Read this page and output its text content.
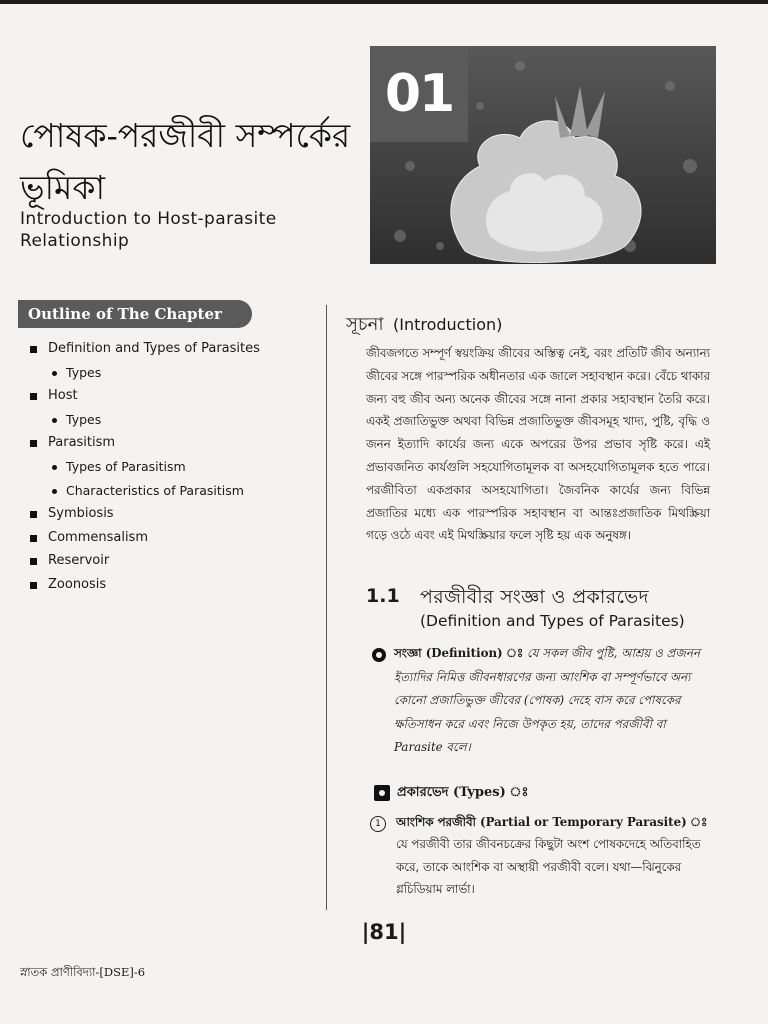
পোষক-পরজীবী সম্পর্কের ভূমিকা
Introduction to Host-parasite Relationship
01
Outline of The Chapter
Definition and Types of Parasites
Types
Host
Types
Parasitism
Types of Parasitism
Characteristics of Parasitism
Symbiosis
Commensalism
Reservoir
Zoonosis
সূচনা (Introduction)
জীবজগতে সম্পূর্ণ স্বয়ংক্রিয় জীবের অস্তিত্ব নেই, বরং প্রতিটি জীব অন্যান্য জীবের সঙ্গে পারস্পরিক অধীনতার এক জালে সহাবস্থান করে। বেঁচে থাকার জন্য বহু জীব অন্য অনেক জীবের সঙ্গে নানা প্রকার সহাবস্থান তৈরি করে। একই প্রজাতিভুক্ত অথবা বিভিন্ন প্রজাতিভুক্ত জীবসমূহ খাদ্য, পুষ্টি, বৃদ্ধি ও জনন ইত্যাদি কার্যের জন্য একে অপরের উপর প্রভাব সৃষ্টি করে। এই প্রভাবজনিত কার্যগুলি সহযোগিতামূলক বা অসহযোগিতামূলক হতে পারে। পরজীবিতা একপ্রকার অসহযোগিতা। জৈবনিক কার্যের জন্য বিভিন্ন প্রজাতির মধ্যে এক পারস্পরিক সহাবস্থান বা আন্তঃপ্রজাতিক মিথস্ক্রিয়া গড়ে ওঠে এবং এই মিথস্ক্রিয়ার ফলে সৃষ্টি হয় এক অনুষঙ্গ।
1.1 পরজীবীর সংজ্ঞা ও প্রকারভেদ
(Definition and Types of Parasites)
সংজ্ঞা (Definition) ঃ যে সকল জীব পুষ্টি, আশ্রয় ও প্রজনন ইত্যাদির নিমিত্ত জীবনধারণের জন্য আংশিক বা সম্পূর্ণভাবে অন্য কোনো প্রজাতিভুক্ত জীবের (পোষক) দেহে বাস করে পোষকের ক্ষতিসাধন করে এবং নিজে উপকৃত হয়, তাদের পরজীবী বা Parasite বলে।
প্রকারভেদ (Types) ঃ
1	আংশিক পরজীবী (Partial or Temporary Parasite) ঃ যে পরজীবী তার জীবনচক্রের কিছুটা অংশ পোষকদেহে অতিবাহিত করে, তাকে আংশিক বা অস্থায়ী পরজীবী বলে। যথা—ঝিনুকের গ্লচিডিয়াম লার্ভা।
|81|
স্নাতক প্রাণীবিদ্যা-[DSE]-6
